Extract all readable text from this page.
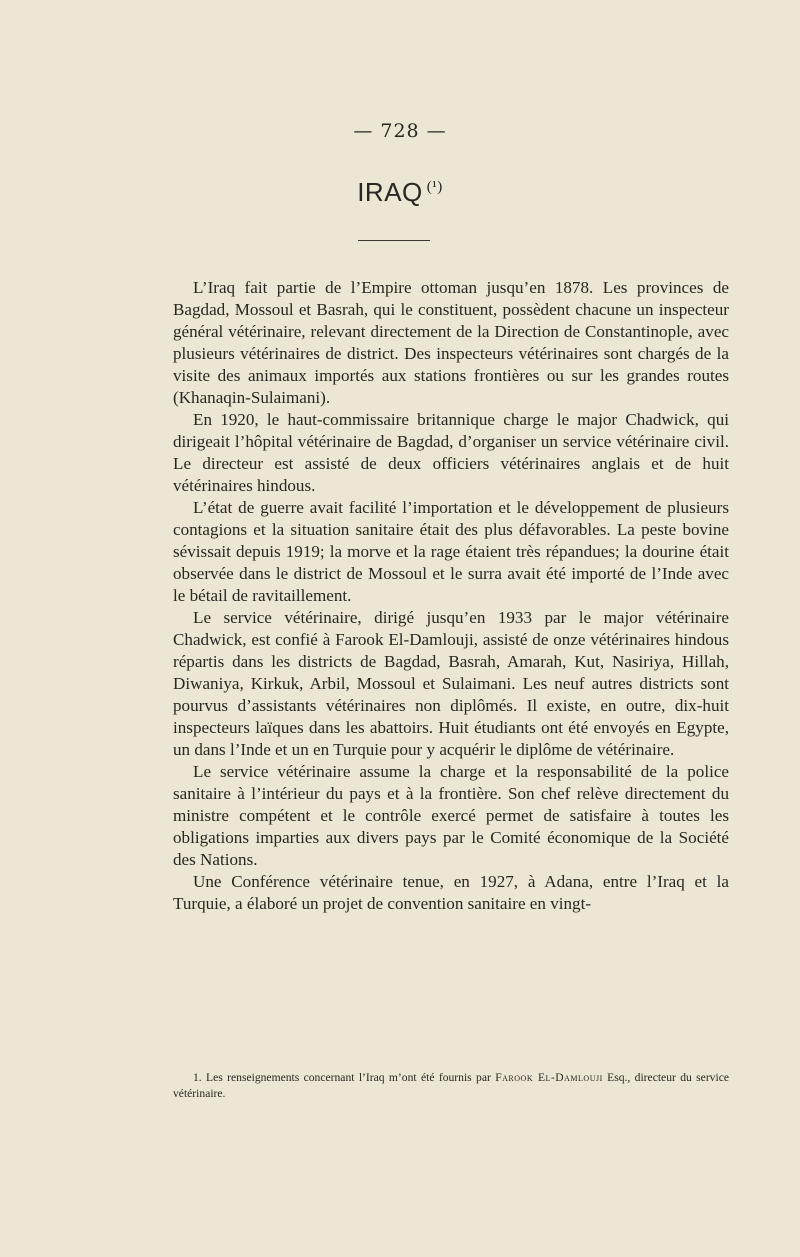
— 728 —
IRAQ $^{(^1)}$

L’Iraq fait partie de l’Empire ottoman jusqu’en 1878. Les provinces de Bagdad, Mossoul et Basrah, qui le constituent, possèdent chacune un inspecteur général vétérinaire, relevant directement de la Direction de Constantinople, avec plusieurs vétérinaires de district. Des inspecteurs vétérinaires sont chargés de la visite des animaux importés aux stations frontières ou sur les grandes routes (Khanaqin-Sulaimani).

En 1920, le haut-commissaire britannique charge le major Chadwick, qui dirigeait l’hôpital vétérinaire de Bagdad, d’organiser un service vétérinaire civil. Le directeur est assisté de deux officiers vétérinaires anglais et de huit vétérinaires hindous.

L’état de guerre avait facilité l’importation et le développement de plusieurs contagions et la situation sanitaire était des plus défavorables. La peste bovine sévissait depuis 1919; la morve et la rage étaient très répandues; la dourine était observée dans le district de Mossoul et le surra avait été importé de l’Inde avec le bétail de ravitaillement.

Le service vétérinaire, dirigé jusqu’en 1933 par le major vétérinaire Chadwick, est confié à Farook El-Damlouji, assisté de onze vétérinaires hindous répartis dans les districts de Bagdad, Basrah, Amarah, Kut, Nasiriya, Hillah, Diwaniya, Kirkuk, Arbil, Mossoul et Sulaimani. Les neuf autres districts sont pourvus d’assistants vétérinaires non diplômés. Il existe, en outre, dix-huit inspecteurs laïques dans les abattoirs. Huit étudiants ont été envoyés en Egypte, un dans l’Inde et un en Turquie pour y acquérir le diplôme de vétérinaire.

Le service vétérinaire assume la charge et la responsabilité de la police sanitaire à l’intérieur du pays et à la frontière. Son chef relève directement du ministre compétent et le contrôle exercé permet de satisfaire à toutes les obligations imparties aux divers pays par le Comité économique de la Société des Nations.

Une Conférence vétérinaire tenue, en 1927, à Adana, entre l’Iraq et la Turquie, a élaboré un projet de convention sanitaire en vingt-

1. Les renseignements concernant l’Iraq m’ont été fournis par Farook El-Damlouji Esq., directeur du service vétérinaire.
